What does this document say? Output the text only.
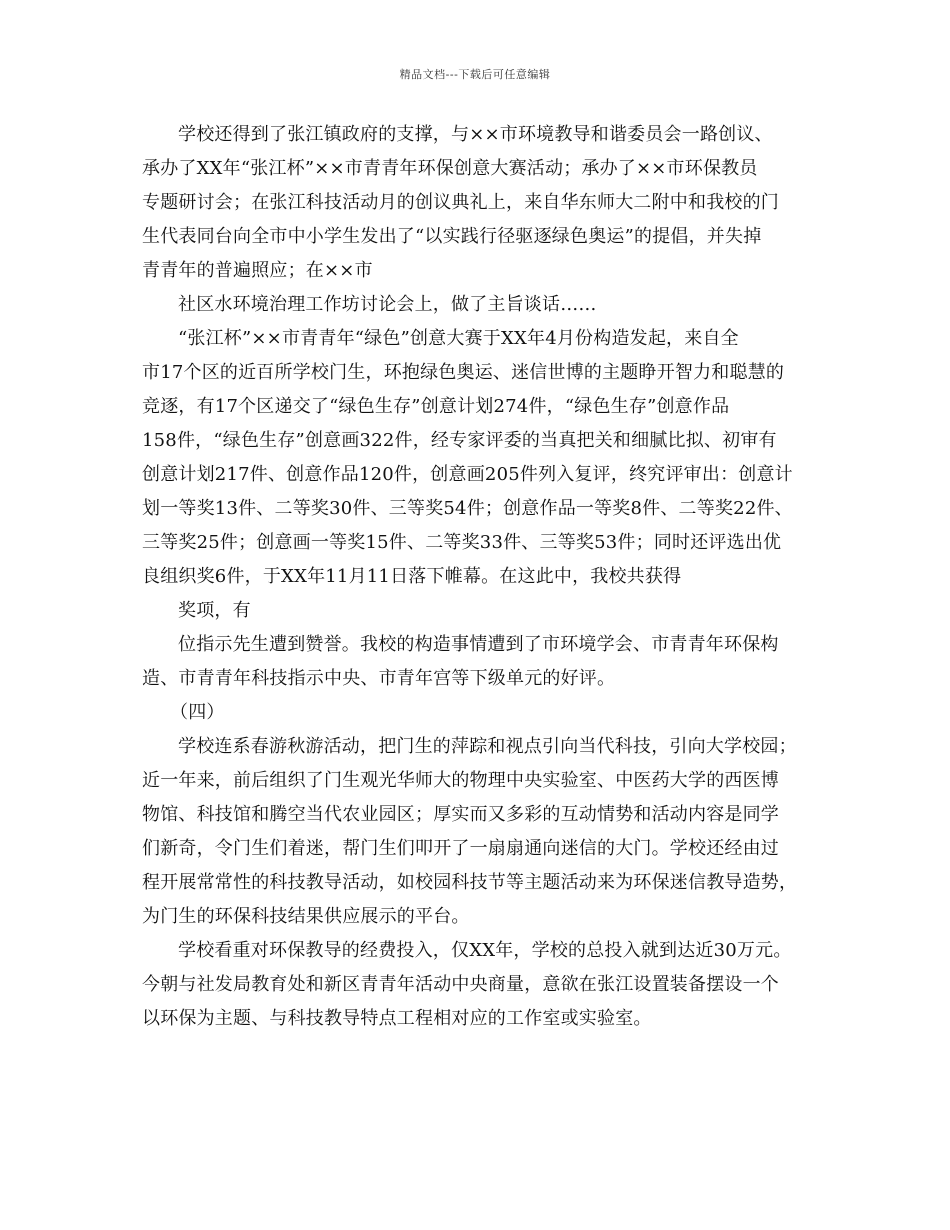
精品文档---下载后可任意编辑
学校还得到了张江镇政府的支撑，与××市环境教导和谐委员会一路创议、
承办了XX年“张江杯”××市青青年环保创意大赛活动；承办了××市环保教员
专题研讨会；在张江科技活动月的创议典礼上，来自华东师大二附中和我校的门
生代表同台向全市中小学生发出了“以实践行径驱逐绿色奥运”的提倡，并失掉
青青年的普遍照应；在××市
社区水环境治理工作坊讨论会上，做了主旨谈话……
“张江杯”××市青青年“绿色”创意大赛于XX年4月份构造发起，来自全
市17个区的近百所学校门生，环抱绿色奥运、迷信世博的主题睁开智力和聪慧的
竞逐，有17个区递交了“绿色生存”创意计划274件，“绿色生存”创意作品
158件，“绿色生存”创意画322件，经专家评委的当真把关和细腻比拟、初审有
创意计划217件、创意作品120件，创意画205件列入复评，终究评审出：创意计
划一等奖13件、二等奖30件、三等奖54件；创意作品一等奖8件、二等奖22件、
三等奖25件；创意画一等奖15件、二等奖33件、三等奖53件；同时还评选出优
良组织奖6件，于XX年11月11日落下帷幕。在这此中，我校共获得
奖项，有
位指示先生遭到赞誉。我校的构造事情遭到了市环境学会、市青青年环保构
造、市青青年科技指示中央、市青年宫等下级单元的好评。
（四）
学校连系春游秋游活动，把门生的萍踪和视点引向当代科技，引向大学校园；
近一年来，前后组织了门生观光华师大的物理中央实验室、中医药大学的西医博
物馆、科技馆和腾空当代农业园区；厚实而又多彩的互动情势和活动内容是同学
们新奇，令门生们着迷，帮门生们叩开了一扇扇通向迷信的大门。学校还经由过
程开展常常性的科技教导活动，如校园科技节等主题活动来为环保迷信教导造势，
为门生的环保科技结果供应展示的平台。
学校看重对环保教导的经费投入，仅XX年，学校的总投入就到达近30万元。
今朝与社发局教育处和新区青青年活动中央商量，意欲在张江设置装备摆设一个
以环保为主题、与科技教导特点工程相对应的工作室或实验室。
